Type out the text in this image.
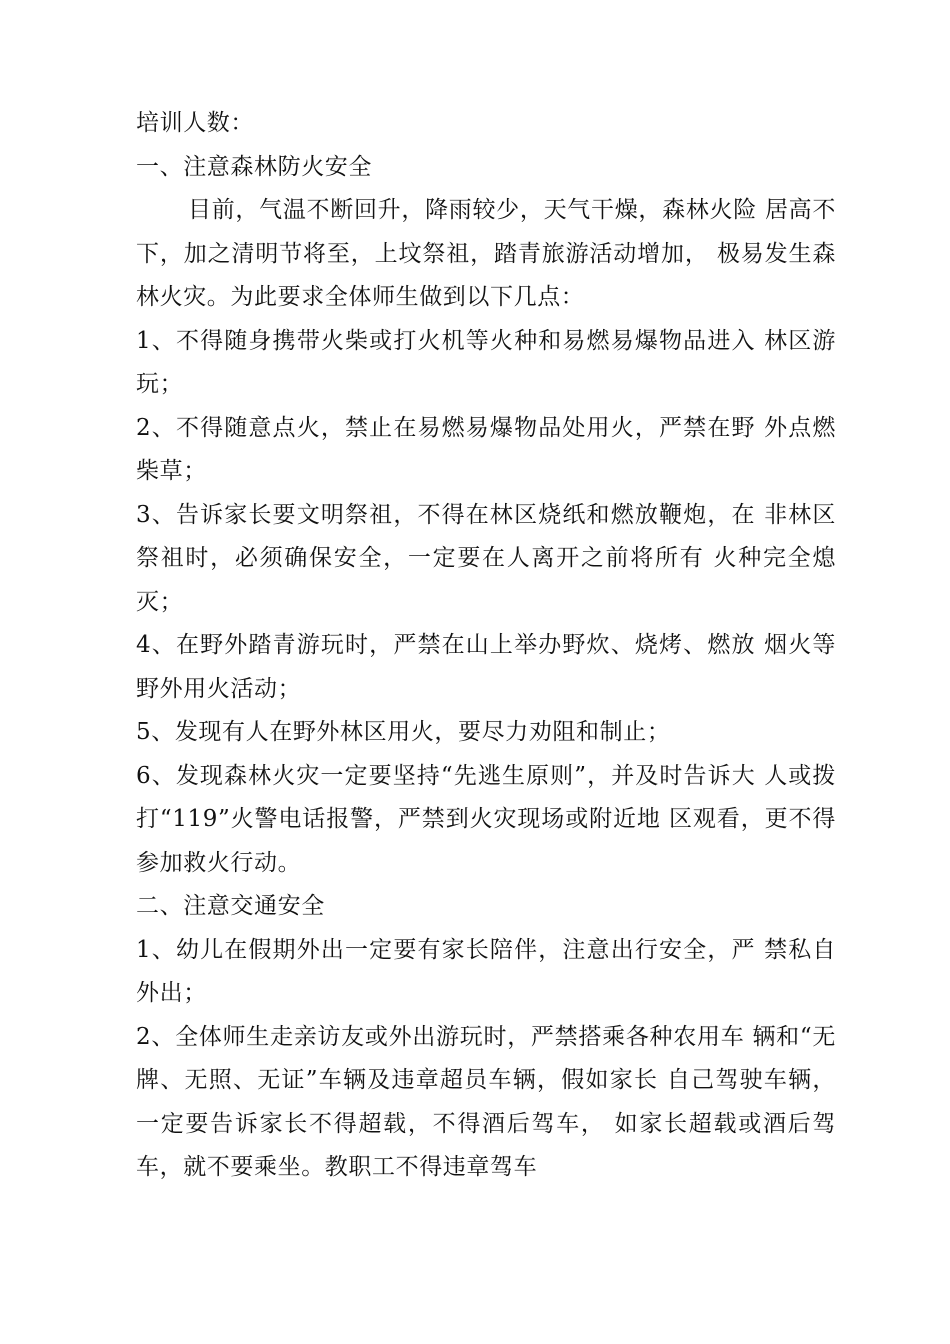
培训人数：

一、注意森林防火安全

目前，气温不断回升，降雨较少，天气干燥，森林火险 居高不下，加之清明节将至，上坟祭祖，踏青旅游活动增加， 极易发生森林火灾。为此要求全体师生做到以下几点：

1、不得随身携带火柴或打火机等火种和易燃易爆物品进入 林区游玩；

2、不得随意点火，禁止在易燃易爆物品处用火，严禁在野 外点燃柴草；

3、告诉家长要文明祭祖，不得在林区烧纸和燃放鞭炮，在 非林区祭祖时，必须确保安全，一定要在人离开之前将所有 火种完全熄灭；

4、在野外踏青游玩时，严禁在山上举办野炊、烧烤、燃放 烟火等野外用火活动；

5、发现有人在野外林区用火，要尽力劝阻和制止；

6、发现森林火灾一定要坚持“先逃生原则”，并及时告诉大 人或拨打“119”火警电话报警，严禁到火灾现场或附近地 区观看，更不得参加救火行动。

二、注意交通安全

1、幼儿在假期外出一定要有家长陪伴，注意出行安全，严 禁私自外出；

2、全体师生走亲访友或外出游玩时，严禁搭乘各种农用车 辆和“无牌、无照、无证”车辆及违章超员车辆，假如家长 自己驾驶车辆，一定要告诉家长不得超载，不得酒后驾车， 如家长超载或酒后驾车，就不要乘坐。教职工不得违章驾车
